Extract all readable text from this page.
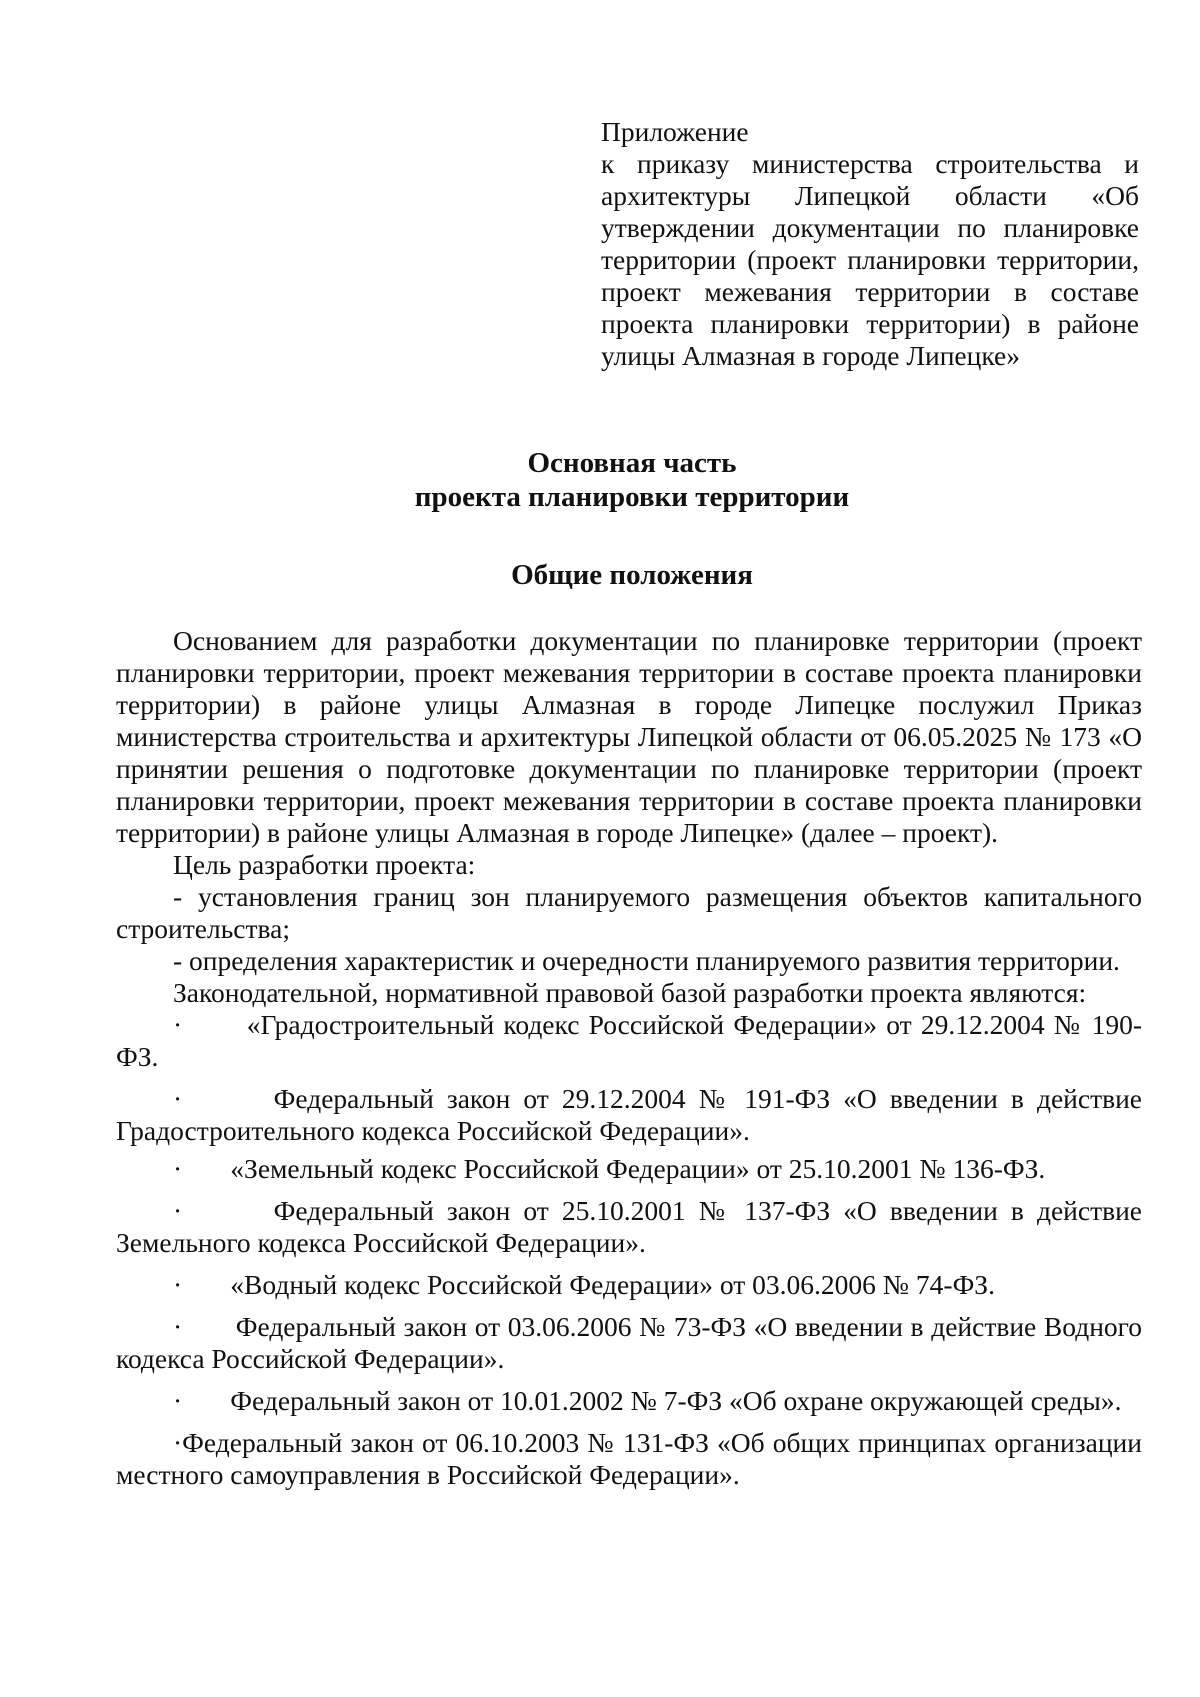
Приложение
к приказу министерства строительства и архитектуры Липецкой области «Об утверждении документации по планировке территории (проект планировки территории, проект межевания территории в составе проекта планировки территории) в районе улицы Алмазная в городе Липецке»
Основная часть
проекта планировки территории
Общие положения

Основанием для разработки документации по планировке территории (проект планировки территории, проект межевания территории в составе проекта планировки территории) в районе улицы Алмазная в городе Липецке послужил Приказ министерства строительства и архитектуры Липецкой области от 06.05.2025 № 173 «О принятии решения о подготовке документации по планировке территории (проект планировки территории, проект межевания территории в составе проекта планировки территории) в районе улицы Алмазная в городе Липецке» (далее – проект).

Цель разработки проекта:

- установления границ зон планируемого размещения объектов капитального строительства;

- определения характеристик и очередности планируемого развития территории.

Законодательной, нормативной правовой базой разработки проекта являются:

· «Градостроительный кодекс Российской Федерации» от 29.12.2004 № 190-ФЗ.

·	Федеральный закон от 29.12.2004 № 191-ФЗ «О введении в действие Градостроительного кодекса Российской Федерации».

· «Земельный кодекс Российской Федерации» от 25.10.2001 № 136-ФЗ.

·	Федеральный закон от 25.10.2001 № 137-ФЗ «О введении в действие Земельного кодекса Российской Федерации».

· «Водный кодекс Российской Федерации» от 03.06.2006 № 74-ФЗ.

· Федеральный закон от 03.06.2006 № 73-ФЗ «О введении в действие Водного кодекса Российской Федерации».

· Федеральный закон от 10.01.2002 № 7-ФЗ «Об охране окружающей среды».

·Федеральный закон от 06.10.2003 № 131-ФЗ «Об общих принципах организации местного самоуправления в Российской Федерации».
